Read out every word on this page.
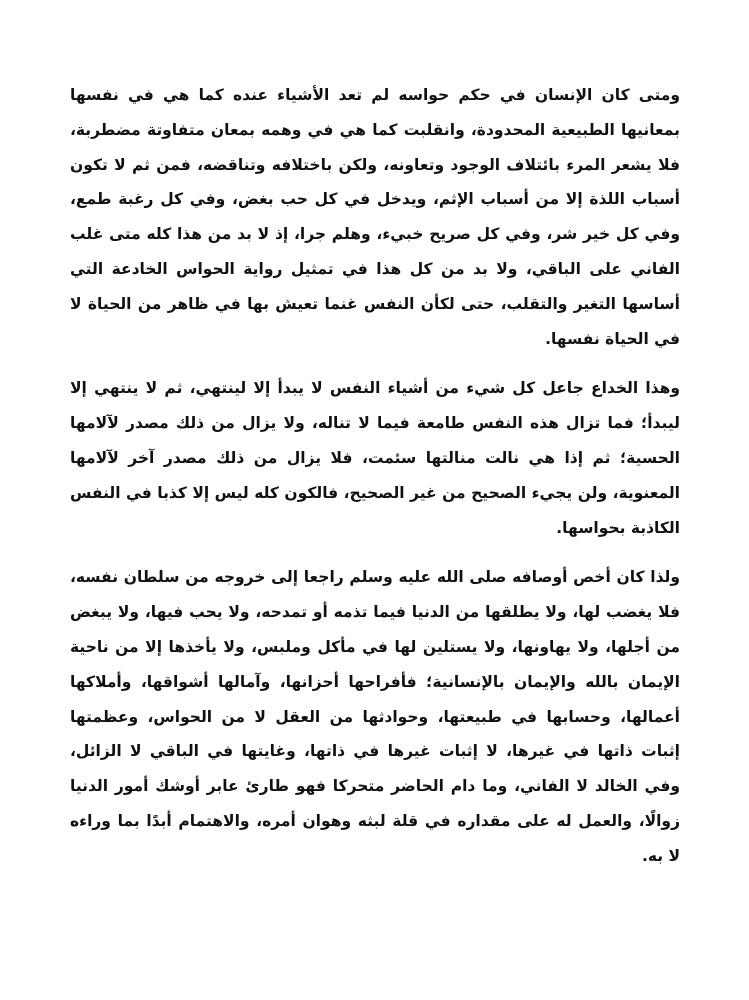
ومتى كان الإنسان في حكم حواسه لم تعد الأشياء عنده كما هي في نفسها بمعانيها الطبيعية المحدودة، وانقلبت كما هي في وهمه بمعان متفاوتة مضطربة، فلا يشعر المرء بائتلاف الوجود وتعاونه، ولكن باختلافه وتناقضه، فمن ثم لا تكون أسباب اللذة إلا من أسباب الإثم، ويدخل في كل حب بغض، وفي كل رغبة طمع، وفي كل خير شر، وفي كل صريح خبيء، وهلم جرا، إذ لا بد من هذا كله متى غلب الفاني على الباقي، ولا بد من كل هذا في تمثيل رواية الحواس الخادعة التي أساسها التغير والتقلب، حتى لكأن النفس غنما تعيش بها في ظاهر من الحياة لا في الحياة نفسها.

وهذا الخداع جاعل كل شيء من أشياء النفس لا يبدأ إلا لينتهي، ثم لا ينتهي إلا ليبدأ؛ فما تزال هذه النفس طامعة فيما لا تناله، ولا يزال من ذلك مصدر لآلامها الحسية؛ ثم إذا هي نالت منالتها سئمت، فلا يزال من ذلك مصدر آخر لآلامها المعنوية، ولن يجيء الصحيح من غير الصحيح، فالكون كله ليس إلا كذبا في النفس الكاذبة بحواسها.

ولذا كان أخص أوصافه صلى الله عليه وسلم راجعا إلى خروجه من سلطان نفسه، فلا يغضب لها، ولا يطلقها من الدنيا فيما تذمه أو تمدحه، ولا يحب فيها، ولا يبغض من أجلها، ولا يهاونها، ولا يستلين لها في مأكل وملبس، ولا يأخذها إلا من ناحية الإيمان بالله والإيمان بالإنسانية؛ فأفراحها أحزانها، وآمالها أشواقها، وأملاكها أعمالها، وحسابها في طبيعتها، وحوادثها من العقل لا من الحواس، وعظمتها إثبات ذاتها في غيرها، لا إثبات غيرها في ذاتها، وغايتها في الباقي لا الزائل، وفي الخالد لا الفاني، وما دام الحاضر متحركا فهو طارئ عابر أوشك أمور الدنيا زوالًا، والعمل له على مقداره في قلة لبثه وهوان أمره، والاهتمام أبدًا بما وراءه لا به.
